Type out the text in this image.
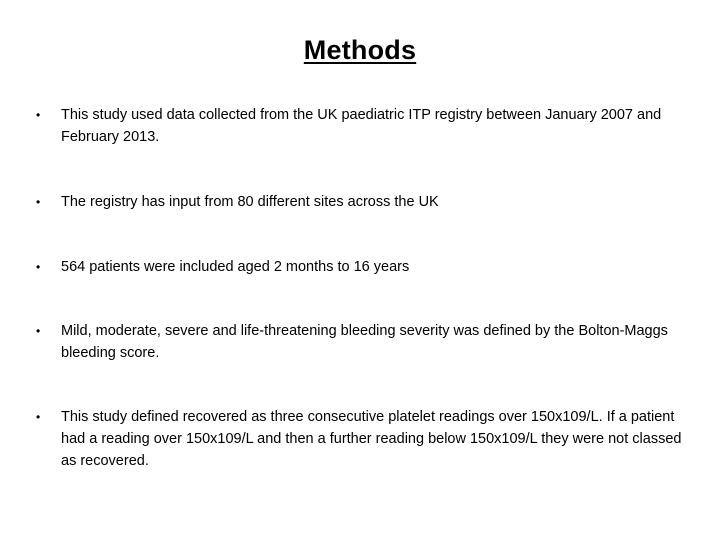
Methods
•	This study used data collected from the UK paediatric ITP registry between January 2007 and February 2013.
•	The registry has input from 80 different sites across the UK
•	564 patients were included aged 2 months to 16 years
•	Mild, moderate, severe and life-threatening bleeding severity was defined by the Bolton-Maggs bleeding score.
•	This study defined recovered as three consecutive platelet readings over 150x109/L. If a patient had a reading over 150x109/L and then a further reading below 150x109/L they were not classed as recovered.
